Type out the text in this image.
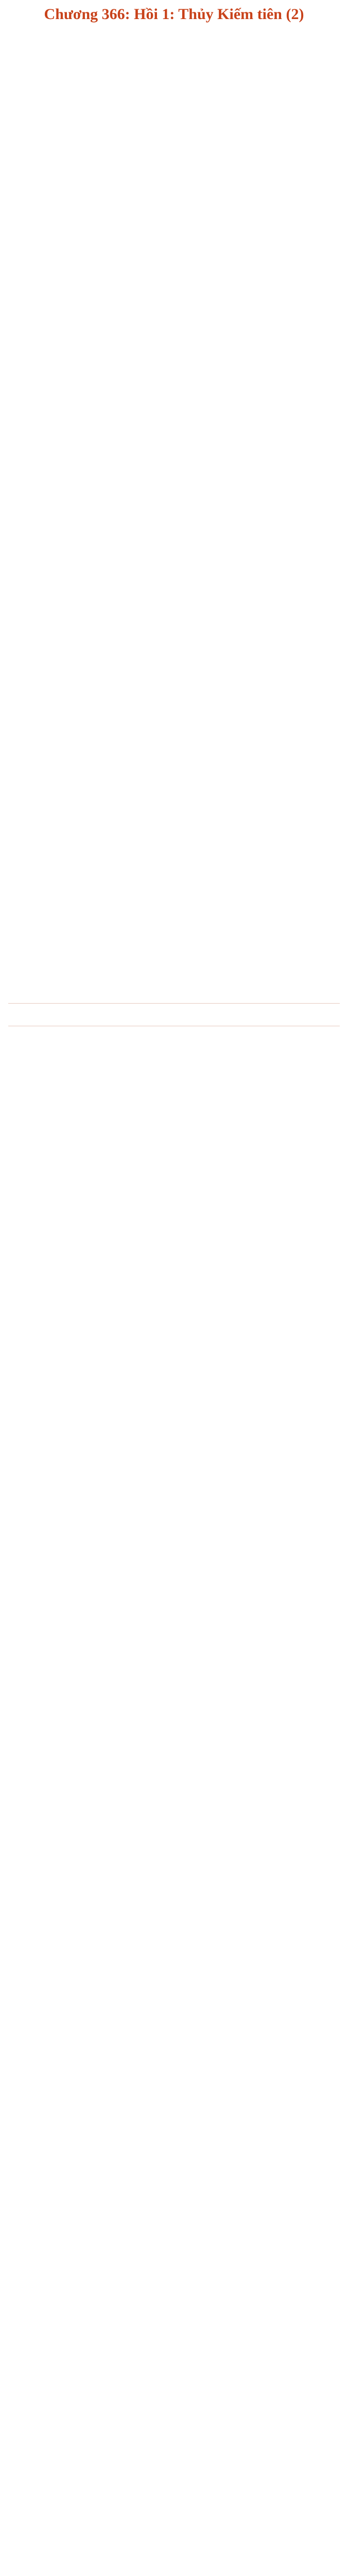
Chương 366: Hồi 1: Thủy Kiếm tiên (2)
